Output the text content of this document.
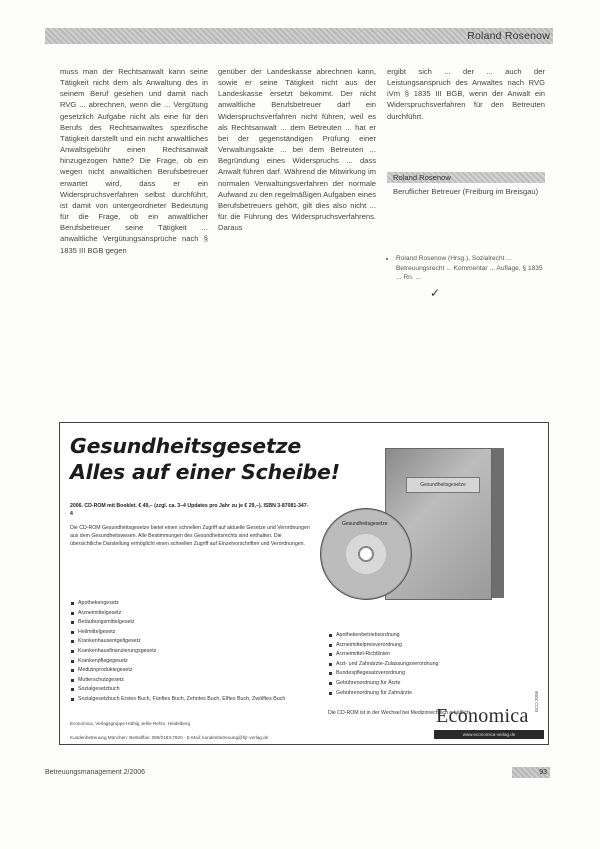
Roland Rosenow

muss man der Rechtsanwalt kann seine Tätigkeit nicht dem als Anwaltung des in seinem Beruf gesehen und damit nach RVG ... abrechnen, wenn die ... Vergütung gesetzlich Aufgabe nicht als eine für den Berufs des Rechtsanwaltes spezifische Tätigkeit darstellt und ein nicht anwaltliches Anwaltsgebühr einen Rechtsanwalt hinzugezogen hätte? Die Frage, ob ein wegen nicht anwaltlichen Berufsbetreuer erwartet wird, dass er ein Widerspruchsverfahren selbst durchführt, ist damit von untergeordneter Bedeutung für die Frage, ob ein anwaltlicher Berufsbetreuer seine Tätigkeit ... anwaltliche Vergütungsansprüche nach § 1835 III BGB gegen

genüber der Landeskasse abrechnen kann, sowie er seine Tätigkeit nicht aus der Landeskasse ersetzt bekommt. Der nicht anwaltliche Berufsbetreuer darf ein Widerspruchsverfahren nicht führen, weil es als Rechtsanwalt ... dem Betreuten ... hat er bei der gegenständigen Prüfung einer Verwaltungsakte ... bei dem Betreuten ... Begründung eines Widerspruchs ... dass Anwalt führen darf. Während die Mitwirkung im normalen Verwaltungsverfahren der normale Aufwand zu den regelmäßigen Aufgaben eines Berufsbetreuers gehört, gilt dies also nicht ... für die Führung des Widerspruchsverfahrens. Daraus

ergibt sich ... der ... auch der Leistungsanspruch des Anwaltes nach RVG iVm § 1835 III BGB, wenn der Anwalt ein Widerspruchsverfahren für den Betreuten durchführt.

Roland Rosenow
Beruflicher Betreuer (Freiburg im Breisgau)
• Roland Rosenow (Hrsg.), Sozialrecht ... Betreuungsrecht ... Kommentar ... Auflage, § 1835 ... Rn. ...
✓
Gesundheitsgesetze
Alles auf einer Scheibe!
2006. CD-ROM mit Booklet. € 49,– (zzgl. ca. 3–4 Updates pro Jahr zu je € 29,–). ISBN 3-87081-347-4
Die CD-ROM Gesundheitsgesetze bietet einen schnellen Zugriff auf aktuelle Gesetze und Verordnungen aus dem Gesundheitswesen. Alle Bestimmungen des Gesundheitsrechts sind enthalten. Die übersichtliche Darstellung ermöglicht einen schnellen Zugriff auf Einzelvorschriften und Verordnungen.
Apothekengesetz
Arzneimittelgesetz
Betäubungsmittelgesetz
Heilmittelgesetz
Krankenhausentgeltgesetz
Krankenhausfinanzierungsgesetz
Krankenpflegegesetz
Medizinproduktegesetz
Mutterschutzgesetz
Sozialgesetzbuch
Sozialgesetzbuch Erstes Buch, Fünftes Buch, Zehntes Buch, Elftes Buch, Zwölftes Buch
Gesundheitsgesetze
Gesundheitsgesetze
Apothekenbetriebsordnung
Arzneimittelpreisverordnung
Arzneimittel-Richtlinien
Arzt- und Zahnärzte-Zulassungsverordnung
Bundespflegesatzverordnung
Gebührenordnung für Ärzte
Gebührenordnung für Zahnärzte
Die CD-ROM ist in der Wechsel bei Medizinrechtlich erhältlich.
Economica, Verlagsgruppe Hüthig Jehle Rehm, Heidelberg
Kundenbetreuung München: Bestellfax: 089/2183-7620 · E-Mail: kundenbetreuung@hjr-verlag.de
ECO 2006
Economica
www.economica-verlag.de
Betreuungsmanagement 2/2006	93
